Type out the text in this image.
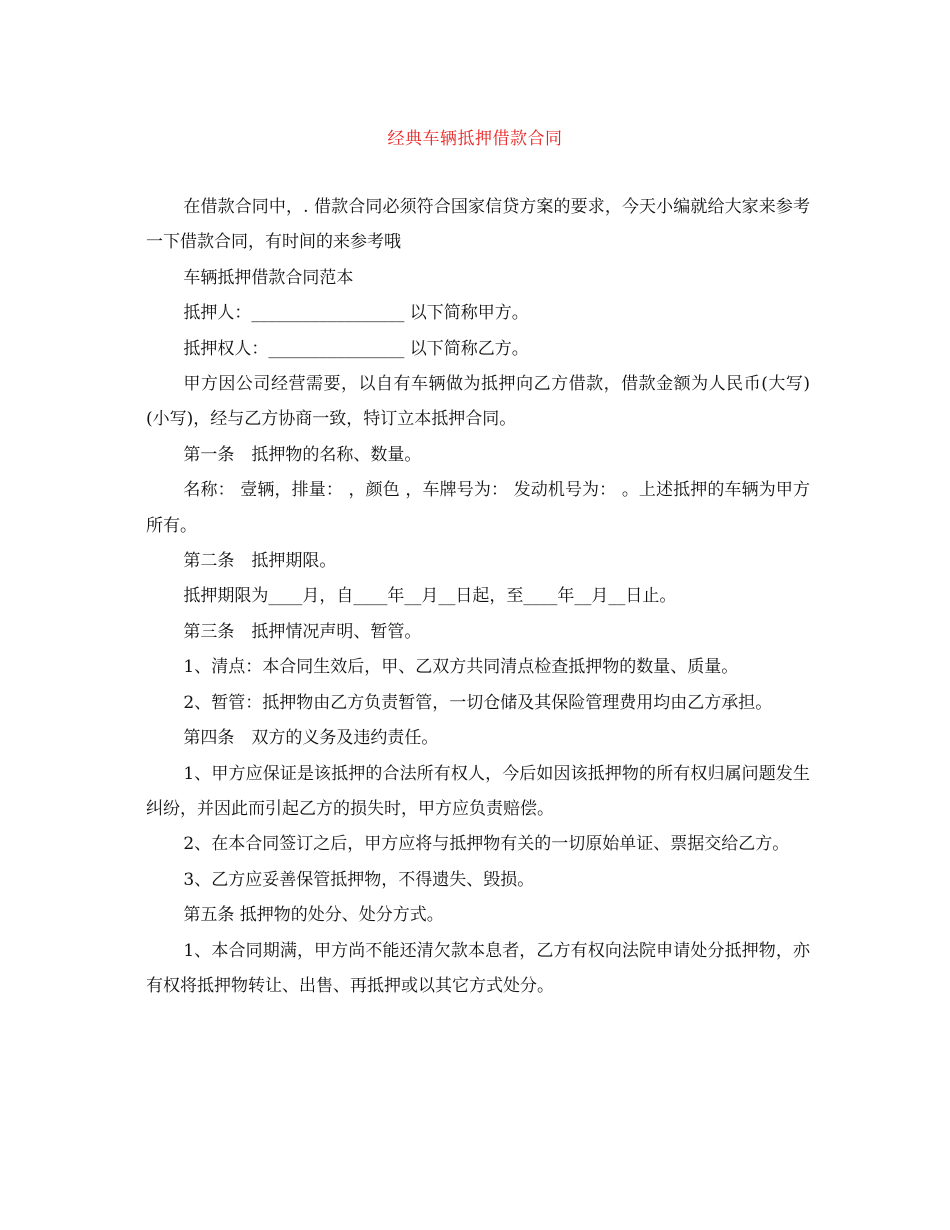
经典车辆抵押借款合同

在借款合同中，. 借款合同必须符合国家信贷方案的要求，今天小编就给大家来参考一下借款合同，有时间的来参考哦

车辆抵押借款合同范本

抵押人：__________________ 以下简称甲方。

抵押权人：________________ 以下简称乙方。

甲方因公司经营需要，以自有车辆做为抵押向乙方借款，借款金额为人民币(大写) (小写)，经与乙方协商一致，特订立本抵押合同。

第一条　抵押物的名称、数量。

名称： 壹辆，排量： ，颜色 ，车牌号为： 发动机号为： 。上述抵押的车辆为甲方所有。

第二条　抵押期限。

抵押期限为____月，自____年__月__日起，至____年__月__日止。

第三条　抵押情况声明、暂管。

1、清点：本合同生效后，甲、乙双方共同清点检查抵押物的数量、质量。

2、暂管：抵押物由乙方负责暂管，一切仓储及其保险管理费用均由乙方承担。

第四条　双方的义务及违约责任。

1、甲方应保证是该抵押的合法所有权人，今后如因该抵押物的所有权归属问题发生纠纷，并因此而引起乙方的损失时，甲方应负责赔偿。

2、在本合同签订之后，甲方应将与抵押物有关的一切原始单证、票据交给乙方。

3、乙方应妥善保管抵押物，不得遗失、毁损。

第五条 抵押物的处分、处分方式。

1、本合同期满，甲方尚不能还清欠款本息者，乙方有权向法院申请处分抵押物，亦有权将抵押物转让、出售、再抵押或以其它方式处分。
